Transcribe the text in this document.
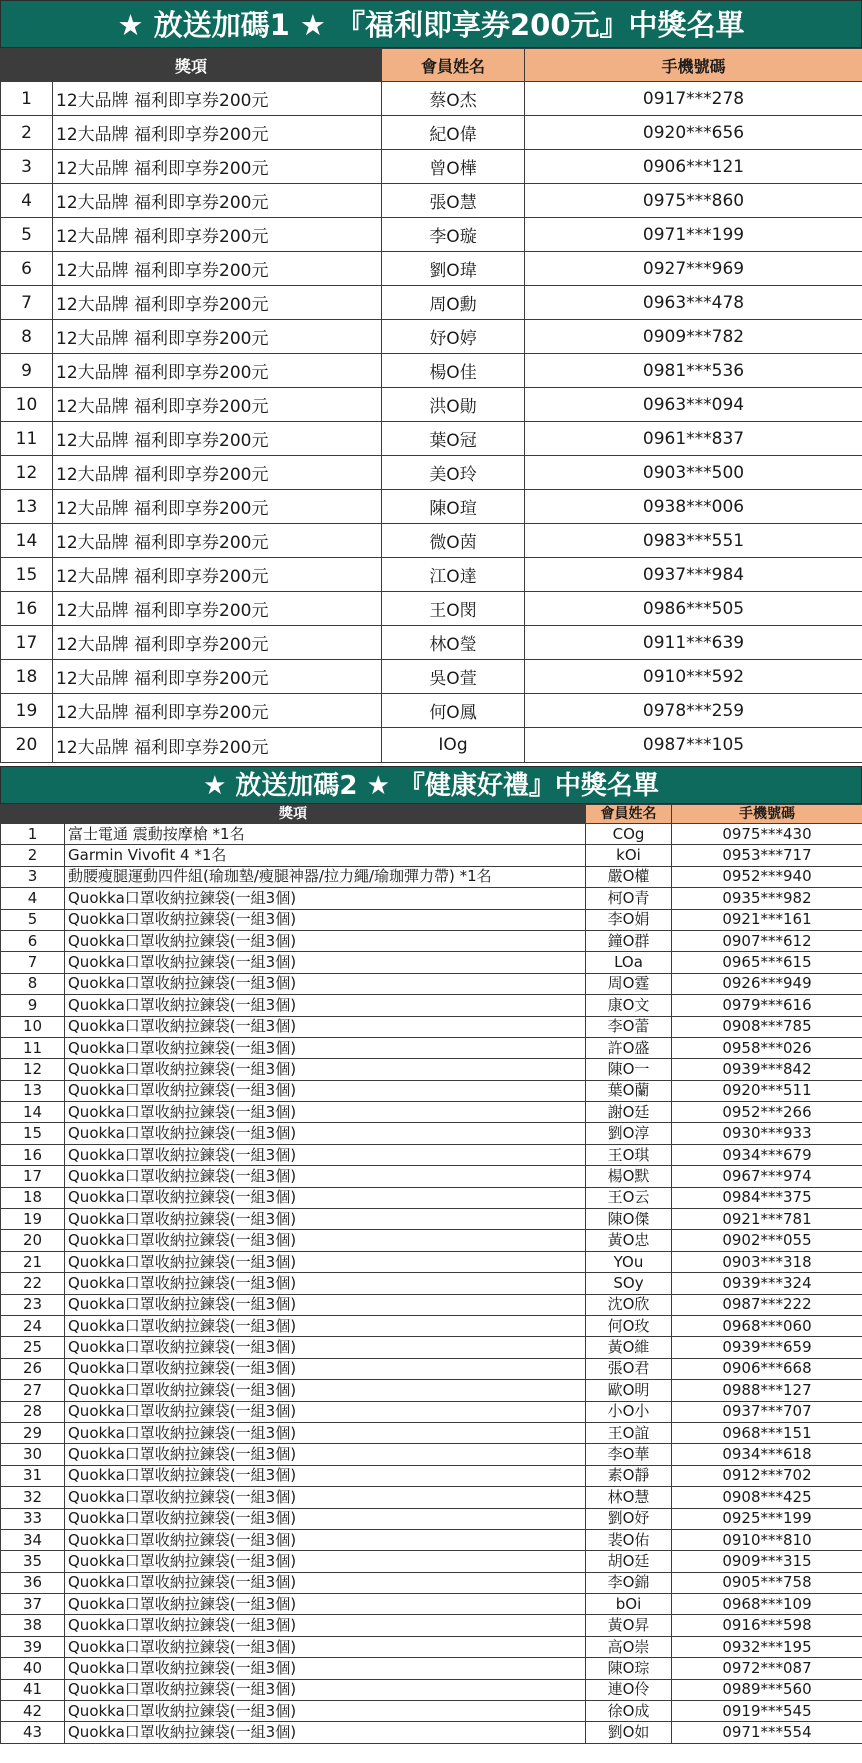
★ 放送加碼1 ★ 『福利即享券200元』中獎名單
獎項		會員姓名	手機號碼
1	12大品牌 福利即享券200元	蔡O杰	0917***278
2	12大品牌 福利即享券200元	紀O偉	0920***656
3	12大品牌 福利即享券200元	曾O樺	0906***121
4	12大品牌 福利即享券200元	張O慧	0975***860
5	12大品牌 福利即享券200元	李O璇	0971***199
6	12大品牌 福利即享券200元	劉O瑋	0927***969
7	12大品牌 福利即享券200元	周O勳	0963***478
8	12大品牌 福利即享券200元	妤O婷	0909***782
9	12大品牌 福利即享券200元	楊O佳	0981***536
10	12大品牌 福利即享券200元	洪O勛	0963***094
11	12大品牌 福利即享券200元	葉O冠	0961***837
12	12大品牌 福利即享券200元	美O玲	0903***500
13	12大品牌 福利即享券200元	陳O瑄	0938***006
14	12大品牌 福利即享券200元	微O茵	0983***551
15	12大品牌 福利即享券200元	江O達	0937***984
16	12大品牌 福利即享券200元	王O閔	0986***505
17	12大品牌 福利即享券200元	林O瑩	0911***639
18	12大品牌 福利即享券200元	吳O萱	0910***592
19	12大品牌 福利即享券200元	何O鳳	0978***259
20	12大品牌 福利即享券200元	IOg	0987***105
★ 放送加碼2 ★ 『健康好禮』中獎名單
獎項		會員姓名	手機號碼
1	富士電通 震動按摩槍 *1名	COg	0975***430
2	Garmin Vivofit 4 *1名	kOi	0953***717
3	動腰瘦腿運動四件組(瑜珈墊/瘦腿神器/拉力繩/瑜珈彈力帶) *1名	嚴O權	0952***940
4	Quokka口罩收納拉鍊袋(一組3個)	柯O青	0935***982
5	Quokka口罩收納拉鍊袋(一組3個)	李O娟	0921***161
6	Quokka口罩收納拉鍊袋(一組3個)	鐘O群	0907***612
7	Quokka口罩收納拉鍊袋(一組3個)	LOa	0965***615
8	Quokka口罩收納拉鍊袋(一組3個)	周O霆	0926***949
9	Quokka口罩收納拉鍊袋(一組3個)	康O文	0979***616
10	Quokka口罩收納拉鍊袋(一組3個)	李O蕾	0908***785
11	Quokka口罩收納拉鍊袋(一組3個)	許O盛	0958***026
12	Quokka口罩收納拉鍊袋(一組3個)	陳O一	0939***842
13	Quokka口罩收納拉鍊袋(一組3個)	葉O蘭	0920***511
14	Quokka口罩收納拉鍊袋(一組3個)	謝O廷	0952***266
15	Quokka口罩收納拉鍊袋(一組3個)	劉O淳	0930***933
16	Quokka口罩收納拉鍊袋(一組3個)	王O琪	0934***679
17	Quokka口罩收納拉鍊袋(一組3個)	楊O默	0967***974
18	Quokka口罩收納拉鍊袋(一組3個)	王O云	0984***375
19	Quokka口罩收納拉鍊袋(一組3個)	陳O傑	0921***781
20	Quokka口罩收納拉鍊袋(一組3個)	黃O忠	0902***055
21	Quokka口罩收納拉鍊袋(一組3個)	YOu	0903***318
22	Quokka口罩收納拉鍊袋(一組3個)	SOy	0939***324
23	Quokka口罩收納拉鍊袋(一組3個)	沈O欣	0987***222
24	Quokka口罩收納拉鍊袋(一組3個)	何O玫	0968***060
25	Quokka口罩收納拉鍊袋(一組3個)	黃O維	0939***659
26	Quokka口罩收納拉鍊袋(一組3個)	張O君	0906***668
27	Quokka口罩收納拉鍊袋(一組3個)	歐O明	0988***127
28	Quokka口罩收納拉鍊袋(一組3個)	小O小	0937***707
29	Quokka口罩收納拉鍊袋(一組3個)	王O誼	0968***151
30	Quokka口罩收納拉鍊袋(一組3個)	李O華	0934***618
31	Quokka口罩收納拉鍊袋(一組3個)	素O靜	0912***702
32	Quokka口罩收納拉鍊袋(一組3個)	林O慧	0908***425
33	Quokka口罩收納拉鍊袋(一組3個)	劉O妤	0925***199
34	Quokka口罩收納拉鍊袋(一組3個)	裴O佑	0910***810
35	Quokka口罩收納拉鍊袋(一組3個)	胡O廷	0909***315
36	Quokka口罩收納拉鍊袋(一組3個)	李O錦	0905***758
37	Quokka口罩收納拉鍊袋(一組3個)	bOi	0968***109
38	Quokka口罩收納拉鍊袋(一組3個)	黃O昇	0916***598
39	Quokka口罩收納拉鍊袋(一組3個)	高O崇	0932***195
40	Quokka口罩收納拉鍊袋(一組3個)	陳O琮	0972***087
41	Quokka口罩收納拉鍊袋(一組3個)	連O伶	0989***560
42	Quokka口罩收納拉鍊袋(一組3個)	徐O成	0919***545
43	Quokka口罩收納拉鍊袋(一組3個)	劉O如	0971***554
